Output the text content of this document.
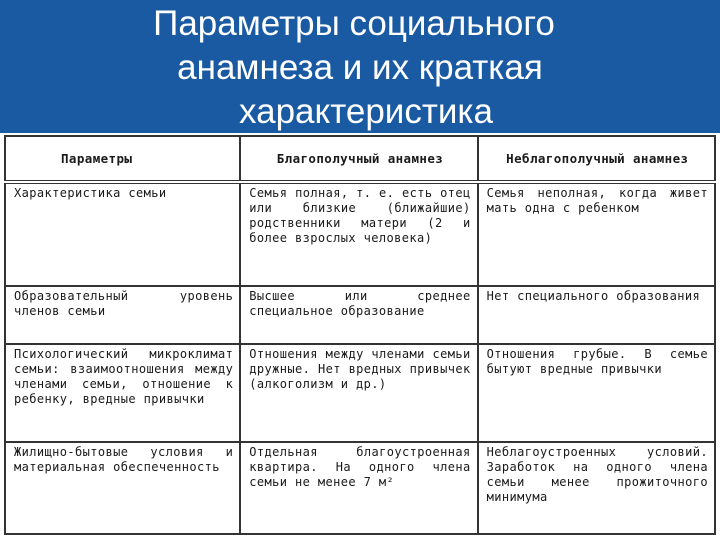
Параметры социального
анамнеза и их краткая
характеристика
Параметры	Благополучный анамнез	Неблагополучный анамнез
Характеристика семьи	Семья полная, т. е. есть отец или близкие (ближайшие) родственники матери (2 и более взрослых человека)	Семья неполная, когда живет мать одна с ребенком
Образовательный уровень членов семьи	Высшее или среднее специальное образование	Нет специального образования
Психологический микроклимат семьи: взаимоотношения между членами семьи, отношение к ребенку, вредные привычки	Отношения между членами семьи дружные. Нет вредных привычек (алкоголизм и др.)	Отношения грубые. В семье бытуют вредные привычки
Жилищно-бытовые условия и материальная обеспеченность	Отдельная благоустроенная квартира. На одного члена семьи не менее 7 м²	Неблагоустроенных условий. Заработок на одного члена семьи менее прожиточного минимума
